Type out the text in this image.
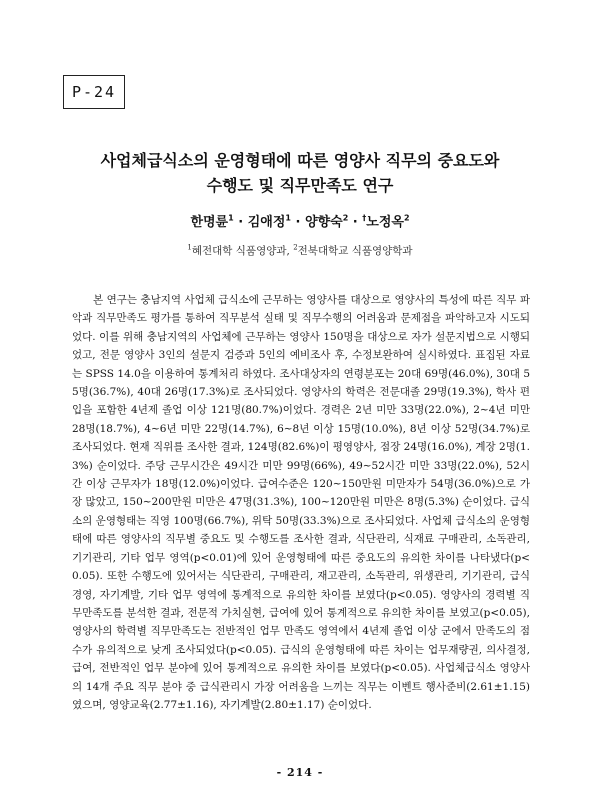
P-24
사업체급식소의 운영형태에 따른 영양사 직무의 중요도와
수행도 및 직무만족도 연구
한명륜$^1$ · 김애정$^1$ · 양향숙$^2$ · †노정옥$^2$
$^1$혜전대학 식품영양과, $^2$전북대학교 식품영양학과

본 연구는 충남지역 사업체 급식소에 근무하는 영양사를 대상으로 영양사의 특성에 따른 직무 파악과 직무만족도 평가를 통하여 직무분석 실태 및 직무수행의 어려움과 문제점을 파악하고자 시도되었다. 이를 위해 충남지역의 사업체에 근무하는 영양사 150명을 대상으로 자가 설문지법으로 시행되었고, 전문 영양사 3인의 설문지 검증과 5인의 예비조사 후, 수정보완하여 실시하였다. 표집된 자료는 SPSS 14.0을 이용하여 통계처리 하였다. 조사대상자의 연령분포는 20대 69명(46.0%), 30대 55명(36.7%), 40대 26명(17.3%)로 조사되었다. 영양사의 학력은 전문대졸 29명(19.3%), 학사 편입을 포함한 4년제 졸업 이상 121명(80.7%)이었다. 경력은 2년 미만 33명(22.0%), 2∼4년 미만 28명(18.7%), 4∼6년 미만 22명(14.7%), 6∼8년 이상 15명(10.0%), 8년 이상 52명(34.7%)로 조사되었다. 현재 직위를 조사한 결과, 124명(82.6%)이 평영양사, 점장 24명(16.0%), 계장 2명(1.3%) 순이었다. 주당 근무시간은 49시간 미만 99명(66%), 49∼52시간 미만 33명(22.0%), 52시간 이상 근무자가 18명(12.0%)이었다. 급여수준은 120∼150만원 미만자가 54명(36.0%)으로 가장 많았고, 150∼200만원 미만은 47명(31.3%), 100∼120만원 미만은 8명(5.3%) 순이었다. 급식소의 운영형태는 직영 100명(66.7%), 위탁 50명(33.3%)으로 조사되었다. 사업체 급식소의 운영형태에 따른 영양사의 직무별 중요도 및 수행도를 조사한 결과, 식단관리, 식재료 구매관리, 소독관리, 기기관리, 기타 업무 영역(p<0.01)에 있어 운영형태에 따른 중요도의 유의한 차이를 나타냈다(p<0.05). 또한 수행도에 있어서는 식단관리, 구매관리, 재고관리, 소독관리, 위생관리, 기기관리, 급식경영, 자기계발, 기타 업무 영역에 통계적으로 유의한 차이를 보였다(p<0.05). 영양사의 경력별 직무만족도를 분석한 결과, 전문적 가치실현, 급여에 있어 통계적으로 유의한 차이를 보였고(p<0.05), 영양사의 학력별 직무만족도는 전반적인 업무 만족도 영역에서 4년제 졸업 이상 군에서 만족도의 점수가 유의적으로 낮게 조사되었다(p<0.05). 급식의 운영형태에 따른 차이는 업무재량권, 의사결정, 급여, 전반적인 업무 분야에 있어 통계적으로 유의한 차이를 보였다(p<0.05). 사업체급식소 영양사의 14개 주요 직무 분야 중 급식관리시 가장 어려움을 느끼는 직무는 이벤트 행사준비(2.61±1.15)였으며, 영양교육(2.77±1.16), 자기계발(2.80±1.17) 순이었다.

- 214 -
